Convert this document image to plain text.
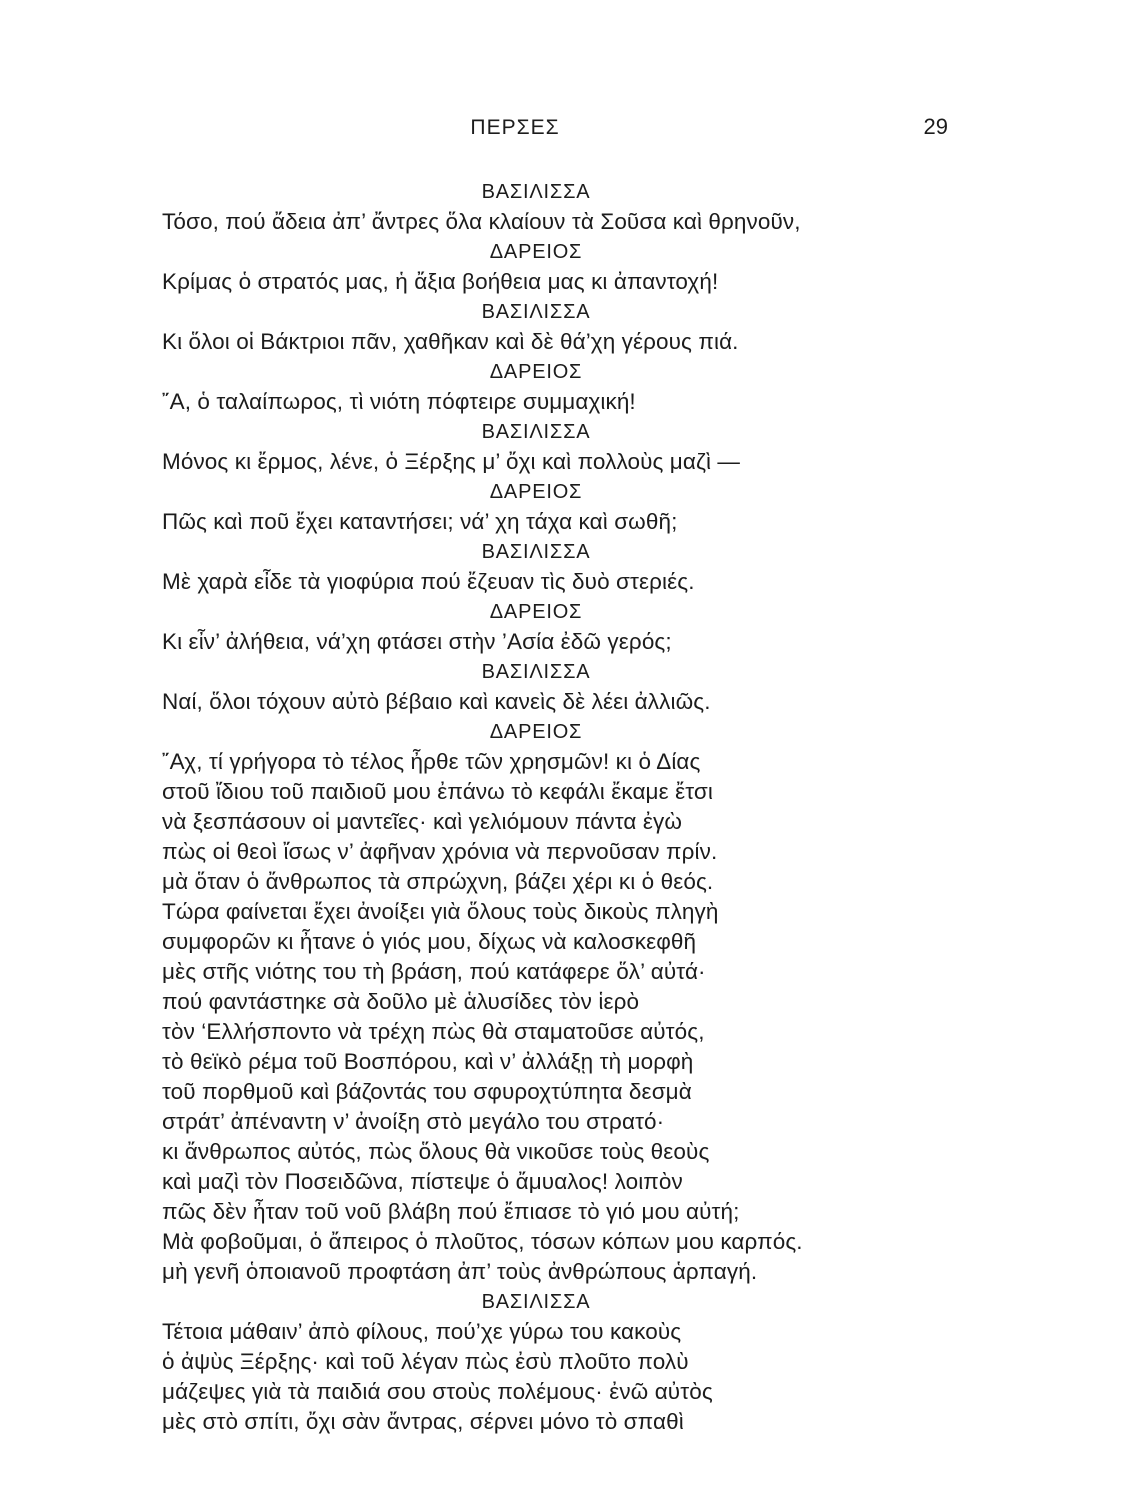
ΠΕΡΣΕΣ	29
ΒΑΣΙΛΙΣΣΑ
Τόσο, πού ἄδεια ἀπ’ ἄντρες ὅλα κλαίουν τὰ Σοῦσα καὶ θρηνοῦν,
ΔΑΡΕΙΟΣ
Κρίμας ὁ στρατός μας, ἡ ἄξια βοήθεια μας κι ἀπαντοχή!
ΒΑΣΙΛΙΣΣΑ
Κι ὅλοι οἱ Βάκτριοι πᾶν, χαθῆκαν καὶ δὲ θά’χη γέρους πιά.
ΔΑΡΕΙΟΣ
῎Α, ὁ ταλαίπωρος, τὶ νιότη πόφτειρε συμμαχική!
ΒΑΣΙΛΙΣΣΑ
Μόνος κι ἔρμος, λένε, ὁ Ξέρξης μ’ ὄχι καὶ πολλοὺς μαζὶ —
ΔΑΡΕΙΟΣ
Πῶς καὶ ποῦ ἔχει καταντήσει; νά’ χη τάχα καὶ σωθῆ;
ΒΑΣΙΛΙΣΣΑ
Μὲ χαρὰ εἶδε τὰ γιοφύρια πού ἔζευαν τὶς δυὸ στεριές.
ΔΑΡΕΙΟΣ
Κι εἶν’ ἀλήθεια, νά’χη φτάσει στὴν ’Ασία ἐδῶ γερός;
ΒΑΣΙΛΙΣΣΑ
Ναί, ὅλοι τόχουν αὐτὸ βέβαιο καὶ κανεὶς δὲ λέει ἀλλιῶς.
ΔΑΡΕΙΟΣ
῎Αχ, τί γρήγορα τὸ τέλος ἦρθε τῶν χρησμῶν! κι ὁ Δίας
στοῦ ἴδιου τοῦ παιδιοῦ μου ἐπάνω τὸ κεφάλι ἔκαμε ἔτσι
νὰ ξεσπάσουν οἱ μαντεῖες· καὶ γελιόμουν πάντα ἐγὼ
πὼς οἱ θεοὶ ἴσως ν’ ἀφῆναν χρόνια νὰ περνοῦσαν πρίν.
μὰ ὅταν ὁ ἄνθρωπος τὰ σπρώχνη, βάζει χέρι κι ὁ θεός.
Τώρα φαίνεται ἔχει ἀνοίξει γιὰ ὅλους τοὺς δικοὺς πληγὴ
συμφορῶν κι ἦτανε ὁ γιός μου, δίχως νὰ καλοσκεφθῆ
μὲς στῆς νιότης του τὴ βράση, πού κατάφερε ὅλ’ αὐτά·
πού φαντάστηκε σὰ δοῦλο μὲ ἁλυσίδες τὸν ἱερὸ
τὸν ‘Ελλήσποντο νὰ τρέχη πὼς θὰ σταματοῦσε αὐτός,
τὸ θεϊκὸ ρέμα τοῦ Βοσπόρου, καὶ ν’ ἀλλάξῃ τὴ μορφὴ
τοῦ πορθμοῦ καὶ βάζοντάς του σφυροχτύπητα δεσμὰ
στράτ’ ἀπέναντη ν’ ἀνοίξη στὸ μεγάλο του στρατό·
κι ἄνθρωπος αὐτός, πὼς ὅλους θὰ νικοῦσε τοὺς θεοὺς
καὶ μαζὶ τὸν Ποσειδῶνα, πίστεψε ὁ ἄμυαλος! λοιπὸν
πῶς δὲν ἦταν τοῦ νοῦ βλάβη πού ἔπιασε τὸ γιό μου αὐτή;
Μὰ φοβοῦμαι, ὁ ἄπειρος ὁ πλοῦτος, τόσων κόπων μου καρπός.
μὴ γενῆ ὁποιανοῦ προφτάση ἀπ’ τοὺς ἀνθρώπους ἁρπαγή.
ΒΑΣΙΛΙΣΣΑ
Τέτοια μάθαιν’ ἀπὸ φίλους, πού’χε γύρω του κακοὺς
ὁ ἀψὺς Ξέρξης· καὶ τοῦ λέγαν πὼς ἐσὺ πλοῦτο πολὺ
μάζεψες γιὰ τὰ παιδιά σου στοὺς πολέμους· ἐνῶ αὐτὸς
μὲς στὸ σπίτι, ὄχι σὰν ἄντρας, σέρνει μόνο τὸ σπαθὶ
